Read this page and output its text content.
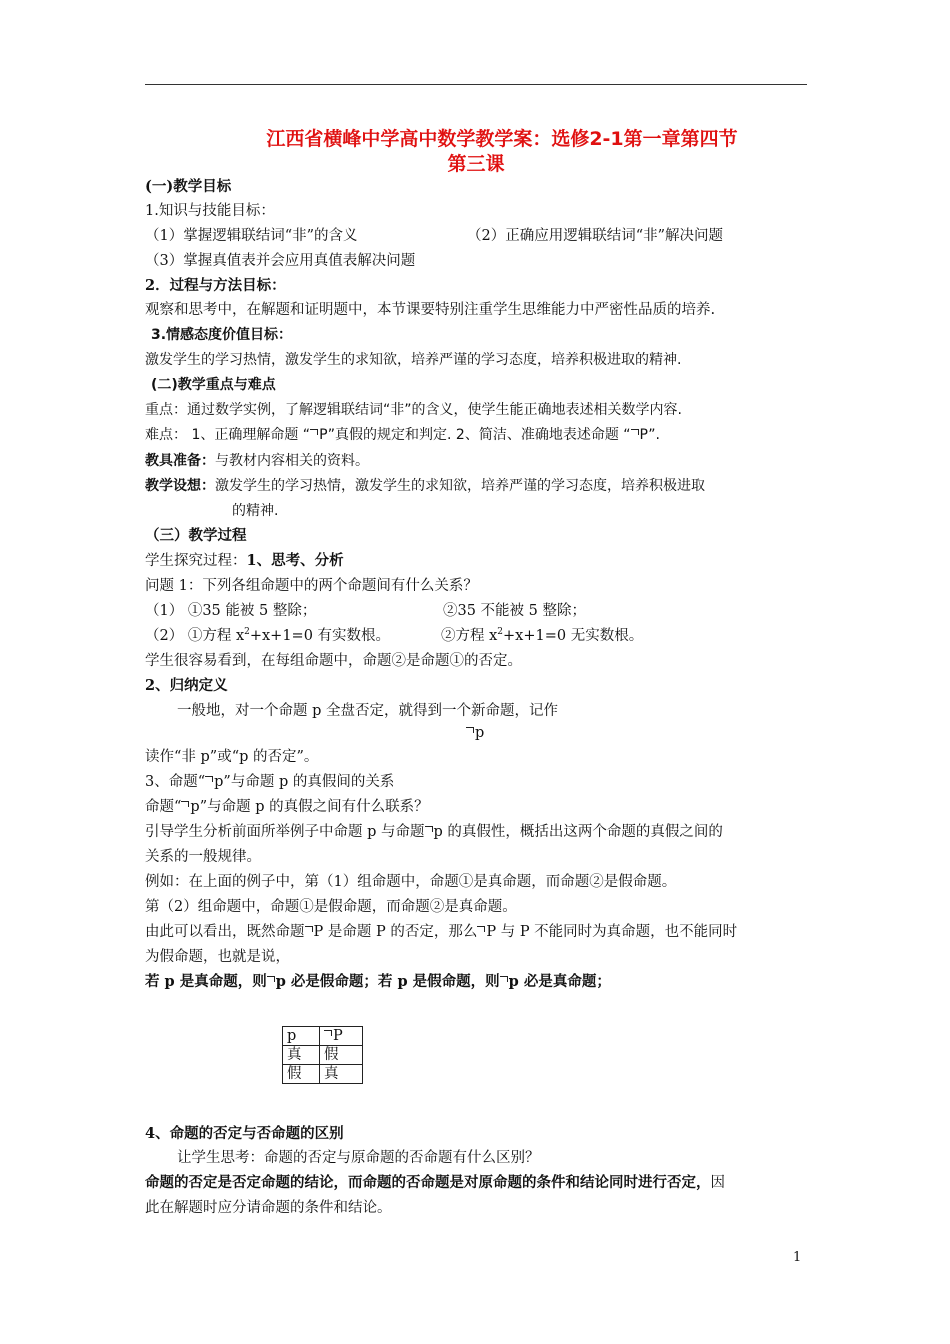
江西省横峰中学高中数学教学案：选修2-1第一章第四节
第三课
(一)教学目标
1.知识与技能目标：
（1）掌握逻辑联结词“非”的含义	（2）正确应用逻辑联结词“非”解决问题
（3）掌握真值表并会应用真值表解决问题
2．过程与方法目标：
观察和思考中，在解题和证明题中，本节课要特别注重学生思维能力中严密性品质的培养.
3.情感态度价值目标：
激发学生的学习热情，激发学生的求知欲，培养严谨的学习态度，培养积极进取的精神.
(二)教学重点与难点
重点：通过数学实例，了解逻辑联结词“非”的含义，使学生能正确地表述相关数学内容.
难点： 1、正确理解命题 “ P”真假的规定和判定. 2、简洁、准确地表述命题 “ P”.
教具准备：与教材内容相关的资料。
教学设想：激发学生的学习热情，激发学生的求知欲，培养严谨的学习态度，培养积极进取
的精神.
（三）教学过程
学生探究过程：1、思考、分析
问题 1：下列各组命题中的两个命题间有什么关系？
（1） ①35 能被 5 整除；	②35 不能被 5 整除；
（2） ①方程 $x^2+x+1=0$ 有实数根。	②方程 $x^2+x+1=0$ 无实数根。
学生很容易看到，在每组命题中，命题②是命题①的否定。
2、归纳定义
一般地，对一个命题 p 全盘否定，就得到一个新命题，记作
p
读作“非 p”或“p 的否定”。
3、命题“ p”与命题 p 的真假间的关系
命题“ p”与命题 p 的真假之间有什么联系？
引导学生分析前面所举例子中命题 p 与命题 p 的真假性，概括出这两个命题的真假之间的
关系的一般规律。
例如：在上面的例子中，第（1）组命题中，命题①是真命题，而命题②是假命题。
第（2）组命题中，命题①是假命题，而命题②是真命题。
由此可以看出，既然命题 P 是命题 P 的否定，那么 P 与 P 不能同时为真命题，也不能同时
为假命题，也就是说，
若 p 是真命题，则 p 必是假命题；若 p 是假命题，则 p 必是真命题；
p	P
真	假
假	真
4、命题的否定与否命题的区别
让学生思考：命题的否定与原命题的否命题有什么区别？
命题的否定是否定命题的结论，而命题的否命题是对原命题的条件和结论同时进行否定，因
此在解题时应分请命题的条件和结论。
1
